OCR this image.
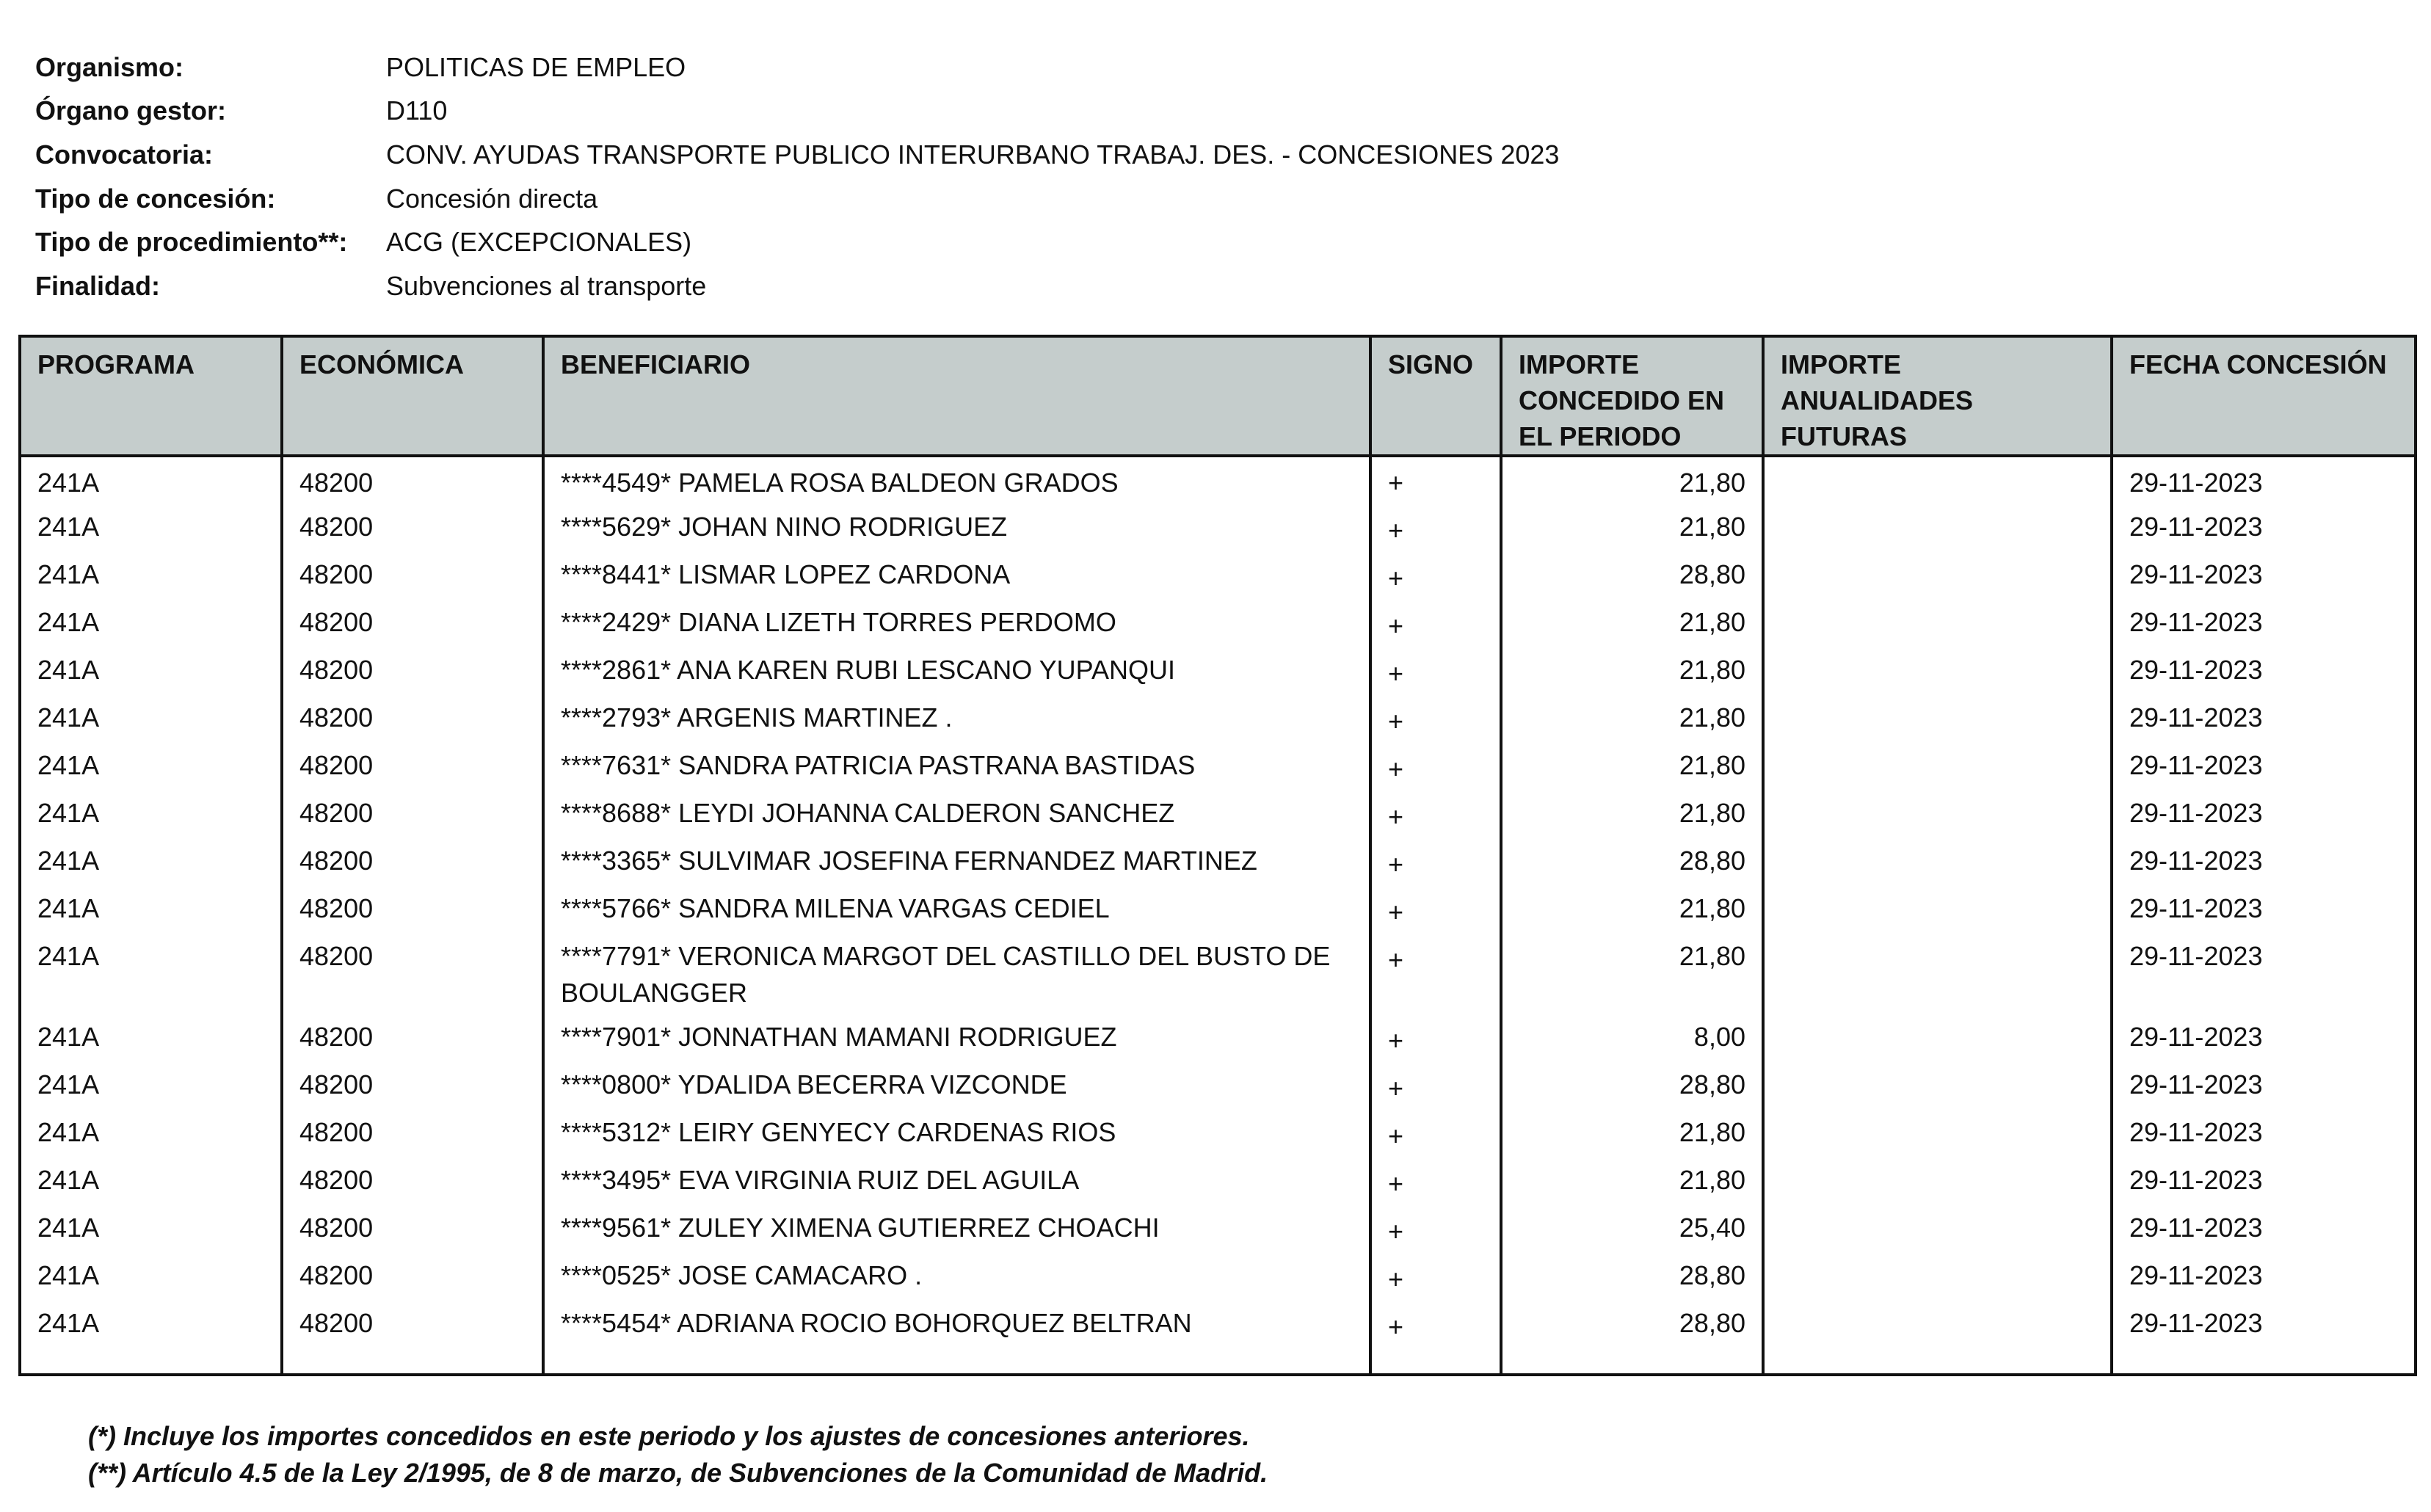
Organismo:	POLITICAS DE EMPLEO
Órgano gestor:	D110
Convocatoria:	CONV. AYUDAS TRANSPORTE PUBLICO INTERURBANO TRABAJ. DES. - CONCESIONES 2023
Tipo de concesión:	Concesión directa
Tipo de procedimiento**:	ACG (EXCEPCIONALES)
Finalidad:	Subvenciones al transporte
PROGRAMA	ECONÓMICA	BENEFICIARIO	SIGNO	IMPORTE CONCEDIDO EN EL PERIODO	IMPORTE ANUALIDADES FUTURAS	FECHA CONCESIÓN
241A	48200	****4549* PAMELA ROSA BALDEON GRADOS	+	21,80		29-11-2023
241A	48200	****5629* JOHAN NINO RODRIGUEZ	+	21,80		29-11-2023
241A	48200	****8441* LISMAR LOPEZ CARDONA	+	28,80		29-11-2023
241A	48200	****2429* DIANA LIZETH TORRES PERDOMO	+	21,80		29-11-2023
241A	48200	****2861* ANA KAREN RUBI LESCANO YUPANQUI	+	21,80		29-11-2023
241A	48200	****2793* ARGENIS MARTINEZ .	+	21,80		29-11-2023
241A	48200	****7631* SANDRA PATRICIA PASTRANA BASTIDAS	+	21,80		29-11-2023
241A	48200	****8688* LEYDI JOHANNA CALDERON SANCHEZ	+	21,80		29-11-2023
241A	48200	****3365* SULVIMAR JOSEFINA FERNANDEZ MARTINEZ	+	28,80		29-11-2023
241A	48200	****5766* SANDRA MILENA VARGAS CEDIEL	+	21,80		29-11-2023
241A	48200	****7791* VERONICA MARGOT DEL CASTILLO DEL BUSTO DE BOULANGGER	+	21,80		29-11-2023
241A	48200	****7901* JONNATHAN MAMANI RODRIGUEZ	+	8,00		29-11-2023
241A	48200	****0800* YDALIDA BECERRA VIZCONDE	+	28,80		29-11-2023
241A	48200	****5312* LEIRY GENYECY CARDENAS RIOS	+	21,80		29-11-2023
241A	48200	****3495* EVA VIRGINIA RUIZ DEL AGUILA	+	21,80		29-11-2023
241A	48200	****9561* ZULEY XIMENA GUTIERREZ CHOACHI	+	25,40		29-11-2023
241A	48200	****0525* JOSE CAMACARO .	+	28,80		29-11-2023
241A	48200	****5454* ADRIANA ROCIO BOHORQUEZ BELTRAN	+	28,80		29-11-2023
(*) Incluye los importes concedidos en este periodo y los ajustes de concesiones anteriores.
(**) Artículo 4.5 de la Ley 2/1995, de 8 de marzo, de Subvenciones de la Comunidad de Madrid.
